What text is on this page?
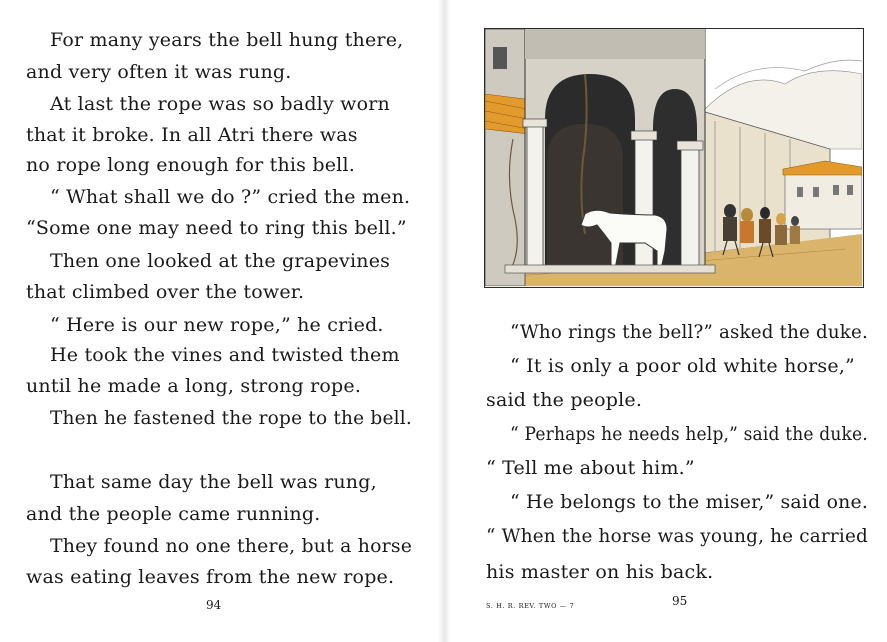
For many years the bell hung there,
and very often it was rung.
At last the rope was so badly worn
that it broke. In all Atri there was
no rope long enough for this bell.
“ What shall we do ?” cried the men.
“Some one may need to ring this bell.”
Then one looked at the grapevines
that climbed over the tower.
“ Here is our new rope,” he cried.
He took the vines and twisted them
until he made a long, strong rope.
Then he fastened the rope to the bell.
That same day the bell was rung,
and the people came running.
They found no one there, but a horse
was eating leaves from the new rope.
94
“Who rings the bell?” asked the duke.
“ It is only a poor old white horse,”
said the people.
“ Perhaps he needs help,” said the duke.
“ Tell me about him.”
“ He belongs to the miser,” said one.
“ When the horse was young, he carried
his master on his back.
S. H. R. REV. TWO — 7	95
